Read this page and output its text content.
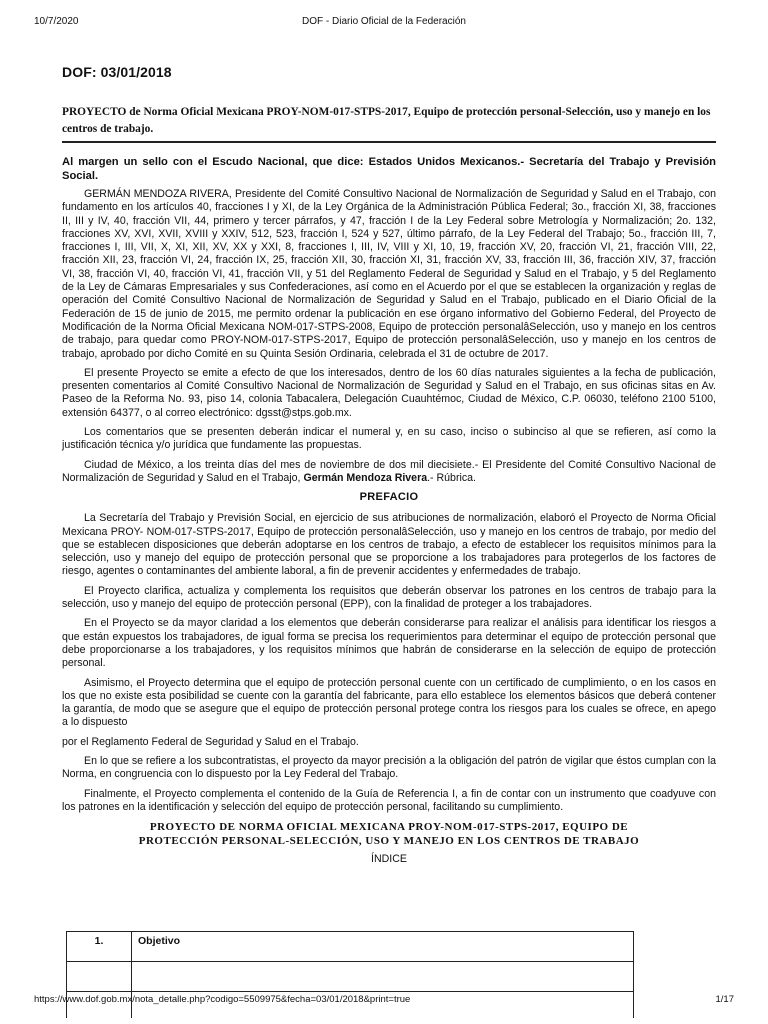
10/7/2020	DOF - Diario Oficial de la Federación
DOF: 03/01/2018
PROYECTO de Norma Oficial Mexicana PROY-NOM-017-STPS-2017, Equipo de protección personal-Selección, uso y manejo en los centros de trabajo.
Al margen un sello con el Escudo Nacional, que dice: Estados Unidos Mexicanos.- Secretaría del Trabajo y Previsión Social.

GERMÁN MENDOZA RIVERA, Presidente del Comité Consultivo Nacional de Normalización de Seguridad y Salud en el Trabajo, con fundamento en los artículos 40, fracciones I y XI, de la Ley Orgánica de la Administración Pública Federal; 3o., fracción XI, 38, fracciones II, III y IV, 40, fracción VII, 44, primero y tercer párrafos, y 47, fracción I de la Ley Federal sobre Metrología y Normalización; 2o. 132, fracciones XV, XVI, XVII, XVIII y XXIV, 512, 523, fracción I, 524 y 527, último párrafo, de la Ley Federal del Trabajo; 5o., fracción III, 7, fracciones I, III, VII, X, XI, XII, XV, XX y XXI, 8, fracciones I, III, IV, VIII y XI, 10, 19, fracción XV, 20, fracción VI, 21, fracción VIII, 22, fracción XII, 23, fracción VI, 24, fracción IX, 25, fracción XII, 30, fracción XI, 31, fracción XV, 33, fracción III, 36, fracción XIV, 37, fracción VI, 38, fracción VI, 40, fracción VI, 41, fracción VII, y 51 del Reglamento Federal de Seguridad y Salud en el Trabajo, y 5 del Reglamento de la Ley de Cámaras Empresariales y sus Confederaciones, así como en el Acuerdo por el que se establecen la organización y reglas de operación del Comité Consultivo Nacional de Normalización de Seguridad y Salud en el Trabajo, publicado en el Diario Oficial de la Federación de 15 de junio de 2015, me permito ordenar la publicación en ese órgano informativo del Gobierno Federal, del Proyecto de Modificación de la Norma Oficial Mexicana NOM-017-STPS-2008, Equipo de protección personalâSelección, uso y manejo en los centros de trabajo, para quedar como PROY-NOM-017-STPS-2017, Equipo de protección personalâSelección, uso y manejo en los centros de trabajo, aprobado por dicho Comité en su Quinta Sesión Ordinaria, celebrada el 31 de octubre de 2017.

El presente Proyecto se emite a efecto de que los interesados, dentro de los 60 días naturales siguientes a la fecha de publicación, presenten comentarios al Comité Consultivo Nacional de Normalización de Seguridad y Salud en el Trabajo, en sus oficinas sitas en Av. Paseo de la Reforma No. 93, piso 14, colonia Tabacalera, Delegación Cuauhtémoc, Ciudad de México, C.P. 06030, teléfono 2100 5100, extensión 64377, o al correo electrónico: dgsst@stps.gob.mx.

Los comentarios que se presenten deberán indicar el numeral y, en su caso, inciso o subinciso al que se refieren, así como la justificación técnica y/o jurídica que fundamente las propuestas.

Ciudad de México, a los treinta días del mes de noviembre de dos mil diecisiete.- El Presidente del Comité Consultivo Nacional de Normalización de Seguridad y Salud en el Trabajo, Germán Mendoza Rivera.- Rúbrica.

PREFACIO

La Secretaría del Trabajo y Previsión Social, en ejercicio de sus atribuciones de normalización, elaboró el Proyecto de Norma Oficial Mexicana PROY- NOM-017-STPS-2017, Equipo de protección personalâSelección, uso y manejo en los centros de trabajo, por medio del que se establecen disposiciones que deberán adoptarse en los centros de trabajo, a efecto de establecer los requisitos mínimos para la selección, uso y manejo del equipo de protección personal que se proporcione a los trabajadores para protegerlos de los factores de riesgo, agentes o contaminantes del ambiente laboral, a fin de prevenir accidentes y enfermedades de trabajo.

El Proyecto clarifica, actualiza y complementa los requisitos que deberán observar los patrones en los centros de trabajo para la selección, uso y manejo del equipo de protección personal (EPP), con la finalidad de proteger a los trabajadores.

En el Proyecto se da mayor claridad a los elementos que deberán considerarse para realizar el análisis para identificar los riesgos a que están expuestos los trabajadores, de igual forma se precisa los requerimientos para determinar el equipo de protección personal que debe proporcionarse a los trabajadores, y los requisitos mínimos que habrán de considerarse en la selección de equipo de protección personal.

Asimismo, el Proyecto determina que el equipo de protección personal cuente con un certificado de cumplimiento, o en los casos en los que no existe esta posibilidad se cuente con la garantía del fabricante, para ello establece los elementos básicos que deberá contener la garantía, de modo que se asegure que el equipo de protección personal protege contra los riesgos para los cuales se ofrece, en apego a lo dispuesto

por el Reglamento Federal de Seguridad y Salud en el Trabajo.

En lo que se refiere a los subcontratistas, el proyecto da mayor precisión a la obligación del patrón de vigilar que éstos cumplan con la Norma, en congruencia con lo dispuesto por la Ley Federal del Trabajo.

Finalmente, el Proyecto complementa el contenido de la Guía de Referencia I, a fin de contar con un instrumento que coadyuve con los patrones en la identificación y selección del equipo de protección personal, facilitando su cumplimiento.

PROYECTO DE NORMA OFICIAL MEXICANA PROY-NOM-017-STPS-2017, EQUIPO DE
PROTECCIÓN PERSONAL-SELECCIÓN, USO Y MANEJO EN LOS CENTROS DE TRABAJO
ÍNDICE
1.	Objetivo

https://www.dof.gob.mx/nota_detalle.php?codigo=5509975&fecha=03/01/2018&print=true	1/17
